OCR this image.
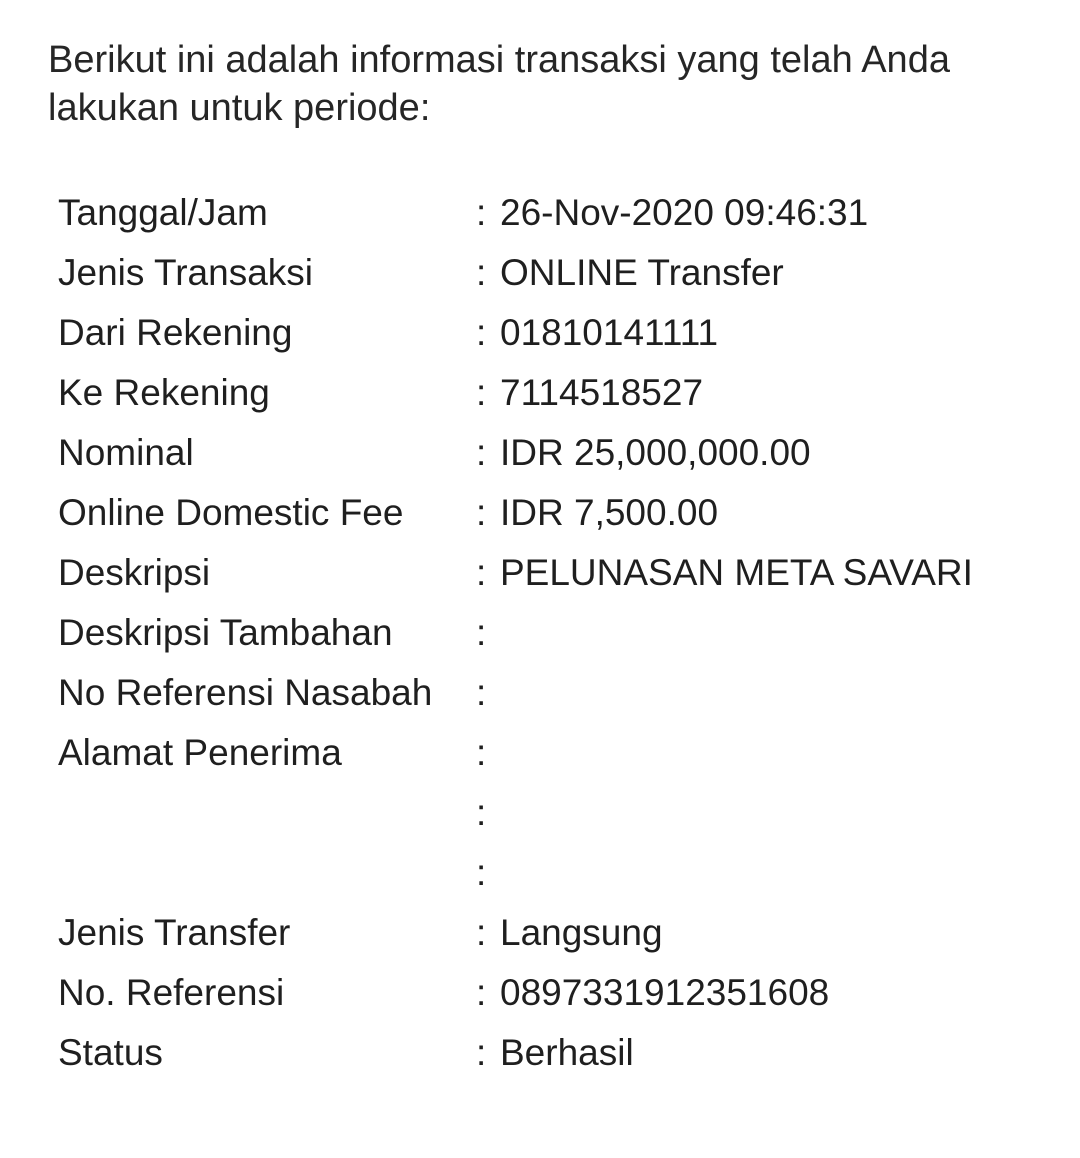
Berikut ini adalah informasi transaksi yang telah Anda
lakukan untuk periode:
Tanggal/Jam	: 26-Nov-2020 09:46:31
Jenis Transaksi	: ONLINE Transfer
Dari Rekening	: 01810141111
Ke Rekening	: 7114518527
Nominal	: IDR 25,000,000.00
Online Domestic Fee	: IDR 7,500.00
Deskripsi	: PELUNASAN META SAVARI
Deskripsi Tambahan	:
No Referensi Nasabah	:
Alamat Penerima	:
:
:
Jenis Transfer	: Langsung
No. Referensi	: 0897331912351608
Status	: Berhasil
